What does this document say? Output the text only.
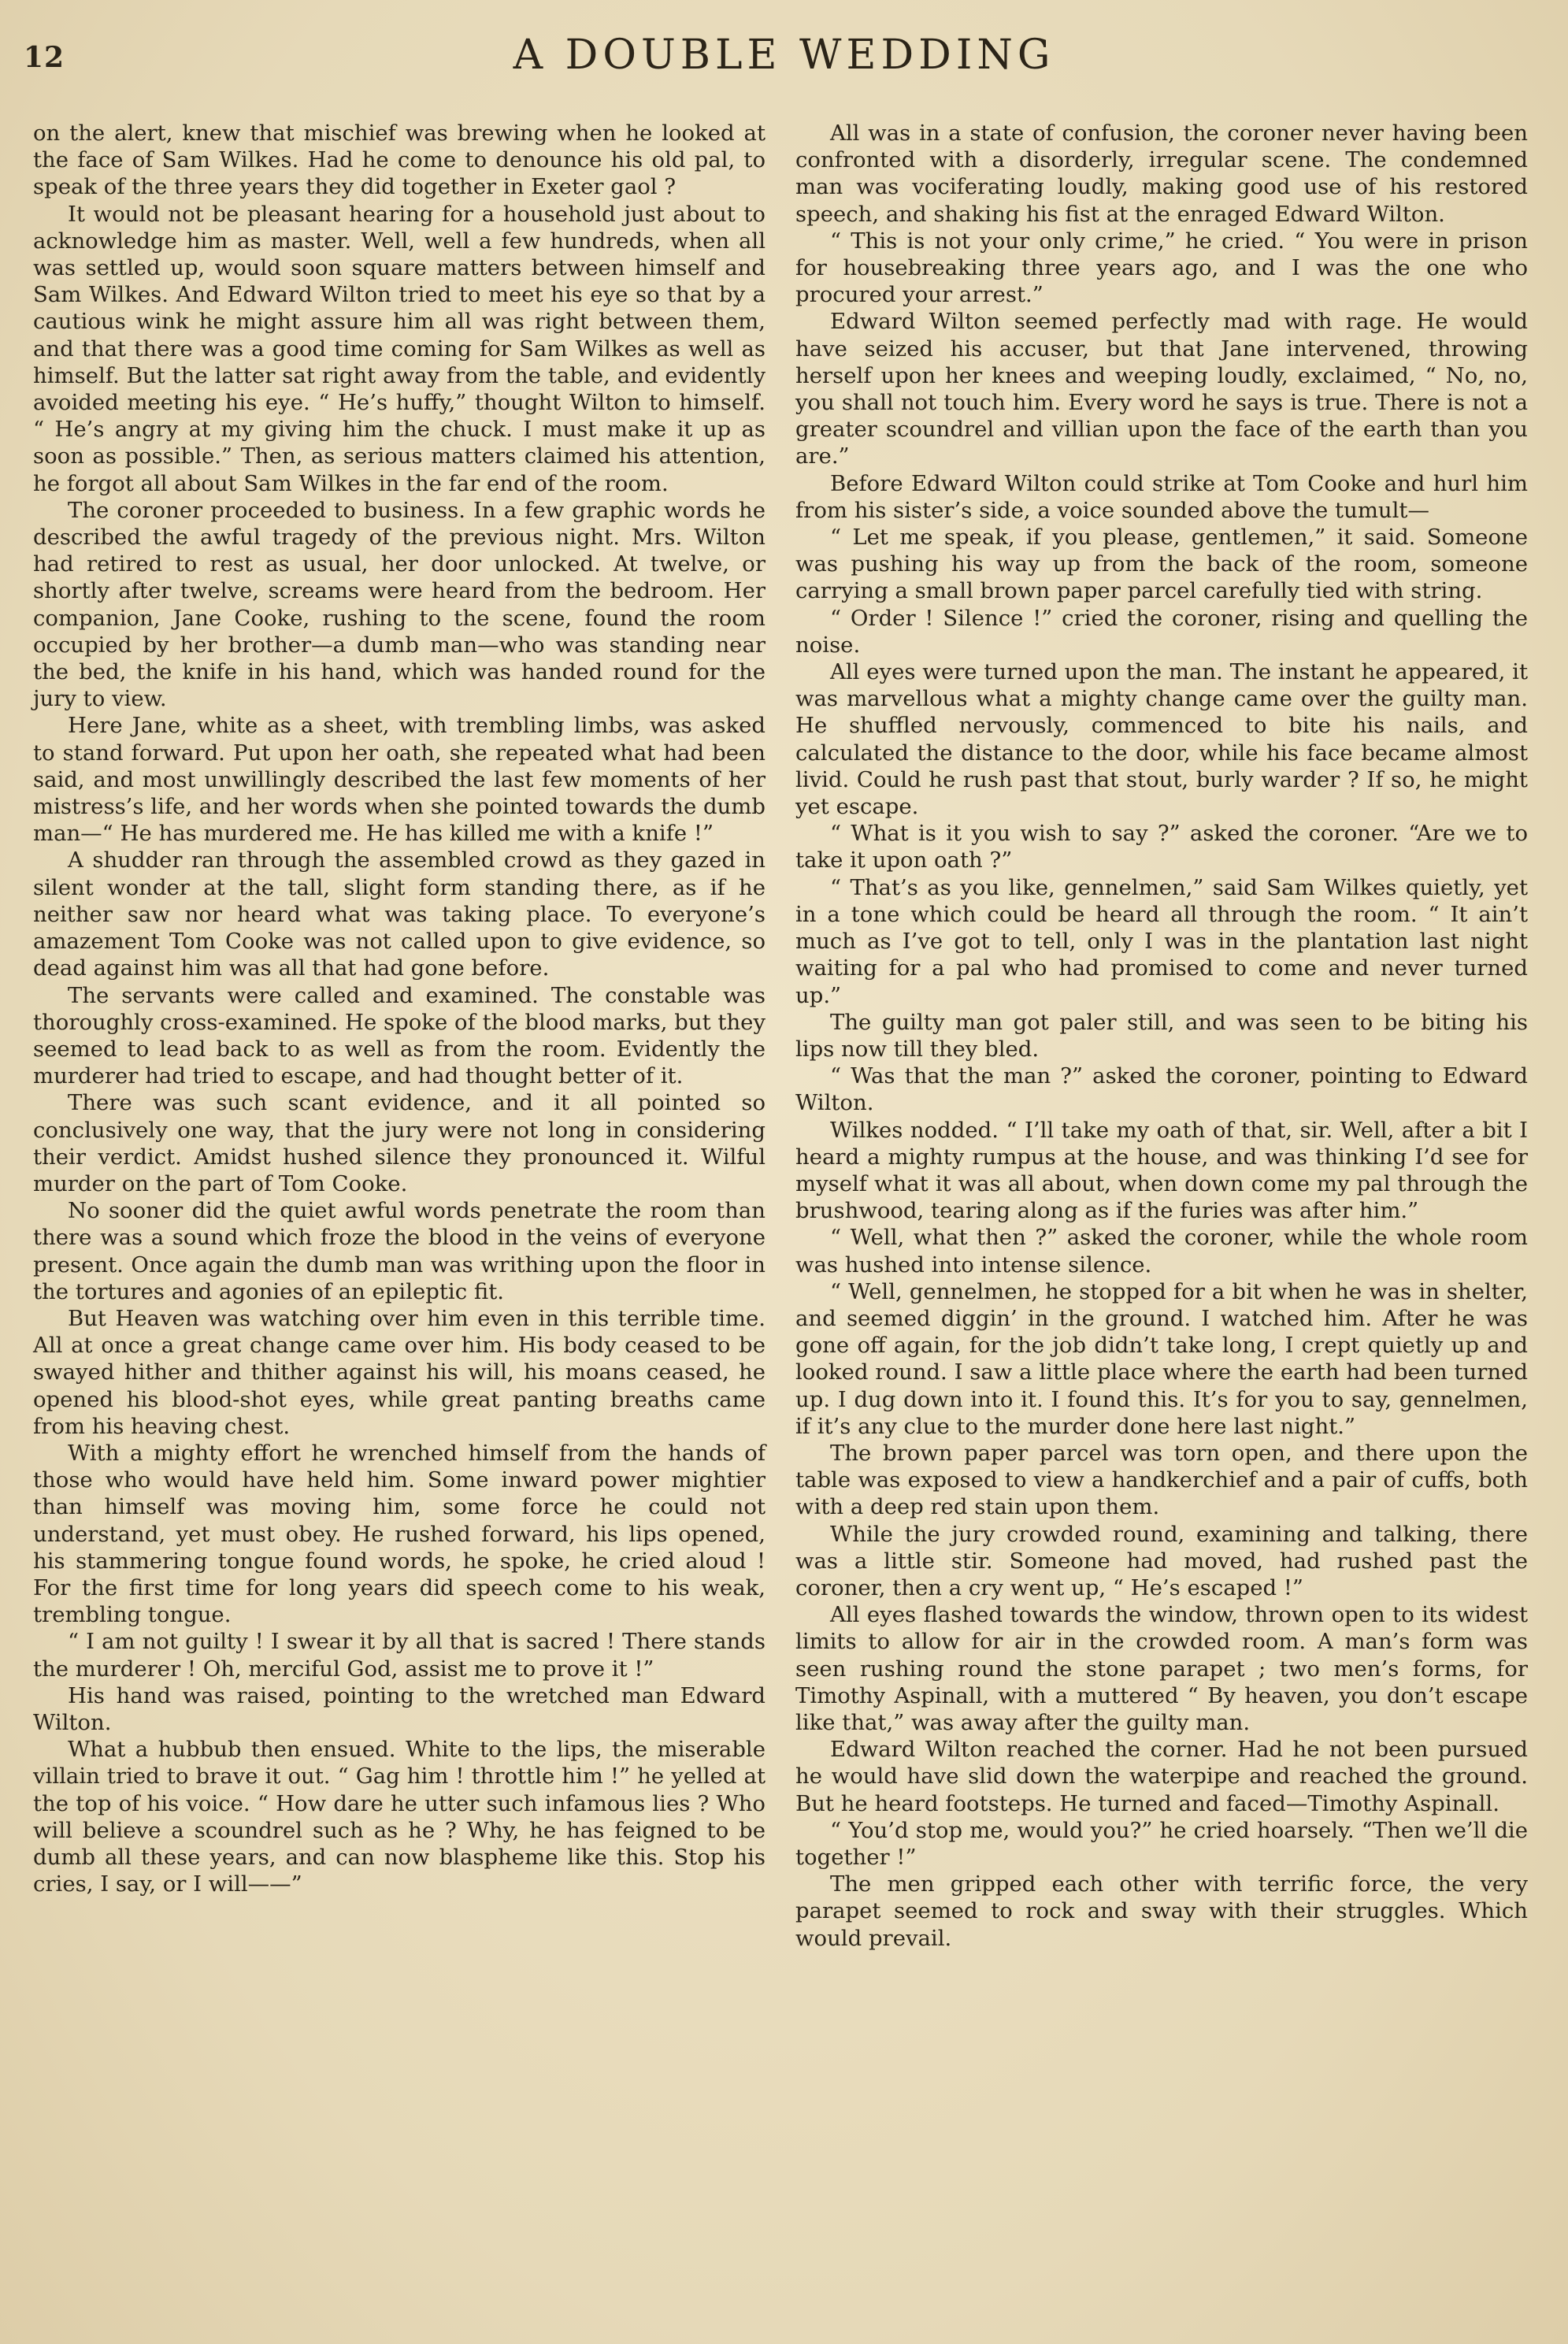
12	A DOUBLE WEDDING

on the alert, knew that mischief was brewing when he looked at the face of Sam Wilkes. Had he come to denounce his old pal, to speak of the three years they did together in Exeter gaol ?

It would not be pleasant hearing for a household just about to acknowledge him as master. Well, well a few hundreds, when all was settled up, would soon square matters between himself and Sam Wilkes. And Edward Wilton tried to meet his eye so that by a cautious wink he might assure him all was right between them, and that there was a good time coming for Sam Wilkes as well as himself. But the latter sat right away from the table, and evidently avoided meeting his eye. “ He’s huffy,” thought Wilton to himself. “ He’s angry at my giving him the chuck. I must make it up as soon as possible.” Then, as serious matters claimed his attention, he forgot all about Sam Wilkes in the far end of the room.

The coroner proceeded to business. In a few graphic words he described the awful tragedy of the previous night. Mrs. Wilton had retired to rest as usual, her door unlocked. At twelve, or shortly after twelve, screams were heard from the bedroom. Her companion, Jane Cooke, rushing to the scene, found the room occupied by her brother—a dumb man—who was standing near the bed, the knife in his hand, which was handed round for the jury to view.

Here Jane, white as a sheet, with trembling limbs, was asked to stand forward. Put upon her oath, she repeated what had been said, and most unwillingly described the last few moments of her mistress’s life, and her words when she pointed towards the dumb man—“ He has murdered me. He has killed me with a knife !”

A shudder ran through the assembled crowd as they gazed in silent wonder at the tall, slight form standing there, as if he neither saw nor heard what was taking place. To everyone’s amazement Tom Cooke was not called upon to give evidence, so dead against him was all that had gone before.

The servants were called and examined. The constable was thoroughly cross-examined. He spoke of the blood marks, but they seemed to lead back to as well as from the room. Evidently the murderer had tried to escape, and had thought better of it.

There was such scant evidence, and it all pointed so conclusively one way, that the jury were not long in considering their verdict. Amidst hushed silence they pronounced it. Wilful murder on the part of Tom Cooke.

No sooner did the quiet awful words penetrate the room than there was a sound which froze the blood in the veins of everyone present. Once again the dumb man was writhing upon the floor in the tortures and agonies of an epileptic fit.

But Heaven was watching over him even in this terrible time. All at once a great change came over him. His body ceased to be swayed hither and thither against his will, his moans ceased, he opened his blood-shot eyes, while great panting breaths came from his heaving chest.

With a mighty effort he wrenched himself from the hands of those who would have held him. Some inward power mightier than himself was moving him, some force he could not understand, yet must obey. He rushed forward, his lips opened, his stammering tongue found words, he spoke, he cried aloud ! For the first time for long years did speech come to his weak, trembling tongue.

“ I am not guilty ! I swear it by all that is sacred ! There stands the murderer ! Oh, merciful God, assist me to prove it !”

His hand was raised, pointing to the wretched man Edward Wilton.

What a hubbub then ensued. White to the lips, the miserable villain tried to brave it out. “ Gag him ! throttle him !” he yelled at the top of his voice. “ How dare he utter such infamous lies ? Who will believe a scoundrel such as he ? Why, he has feigned to be dumb all these years, and can now blaspheme like this. Stop his cries, I say, or I will——”

All was in a state of confusion, the coroner never having been confronted with a disorderly, irregular scene. The condemned man was vociferating loudly, making good use of his restored speech, and shaking his fist at the enraged Edward Wilton.

“ This is not your only crime,” he cried. “ You were in prison for housebreaking three years ago, and I was the one who procured your arrest.”

Edward Wilton seemed perfectly mad with rage. He would have seized his accuser, but that Jane intervened, throwing herself upon her knees and weeping loudly, exclaimed, “ No, no, you shall not touch him. Every word he says is true. There is not a greater scoundrel and villian upon the face of the earth than you are.”

Before Edward Wilton could strike at Tom Cooke and hurl him from his sister’s side, a voice sounded above the tumult—

“ Let me speak, if you please, gentlemen,” it said. Someone was pushing his way up from the back of the room, someone carrying a small brown paper parcel carefully tied with string.

“ Order ! Silence !” cried the coroner, rising and quelling the noise.

All eyes were turned upon the man. The instant he appeared, it was marvellous what a mighty change came over the guilty man. He shuffled nervously, commenced to bite his nails, and calculated the distance to the door, while his face became almost livid. Could he rush past that stout, burly warder ? If so, he might yet escape.

“ What is it you wish to say ?” asked the coroner. “Are we to take it upon oath ?”

“ That’s as you like, gennelmen,” said Sam Wilkes quietly, yet in a tone which could be heard all through the room. “ It ain’t much as I’ve got to tell, only I was in the plantation last night waiting for a pal who had promised to come and never turned up.”

The guilty man got paler still, and was seen to be biting his lips now till they bled.

“ Was that the man ?” asked the coroner, pointing to Edward Wilton.

Wilkes nodded. “ I’ll take my oath of that, sir. Well, after a bit I heard a mighty rumpus at the house, and was thinking I’d see for myself what it was all about, when down come my pal through the brushwood, tearing along as if the furies was after him.”

“ Well, what then ?” asked the coroner, while the whole room was hushed into intense silence.

“ Well, gennelmen, he stopped for a bit when he was in shelter, and seemed diggin’ in the ground. I watched him. After he was gone off again, for the job didn’t take long, I crept quietly up and looked round. I saw a little place where the earth had been turned up. I dug down into it. I found this. It’s for you to say, gennelmen, if it’s any clue to the murder done here last night.”

The brown paper parcel was torn open, and there upon the table was exposed to view a handkerchief and a pair of cuffs, both with a deep red stain upon them.

While the jury crowded round, examining and talking, there was a little stir. Someone had moved, had rushed past the coroner, then a cry went up, “ He’s escaped !”

All eyes flashed towards the window, thrown open to its widest limits to allow for air in the crowded room. A man’s form was seen rushing round the stone parapet ; two men’s forms, for Timothy Aspinall, with a muttered “ By heaven, you don’t escape like that,” was away after the guilty man.

Edward Wilton reached the corner. Had he not been pursued he would have slid down the waterpipe and reached the ground. But he heard footsteps. He turned and faced—Timothy Aspinall.

“ You’d stop me, would you?” he cried hoarsely. “Then we’ll die together !”

The men gripped each other with terrific force, the very parapet seemed to rock and sway with their struggles. Which would prevail.
